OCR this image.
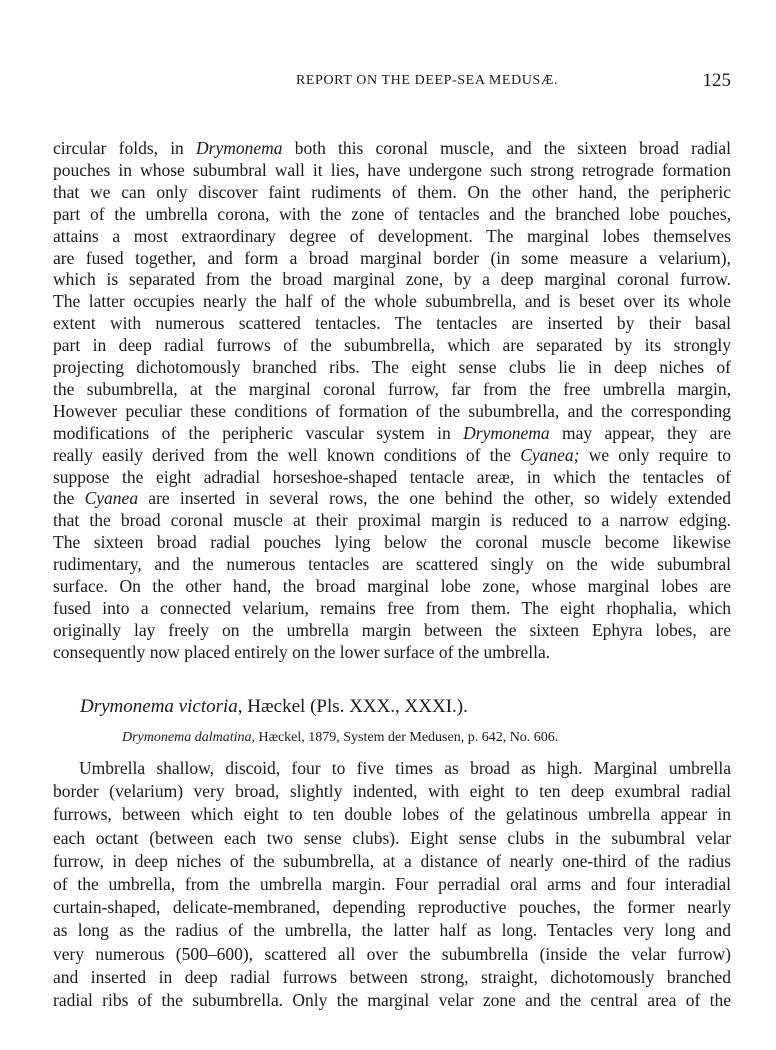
REPORT ON THE DEEP-SEA MEDUSÆ.	125
circular folds, in Drymonema both this coronal muscle, and the sixteen broad radial
pouches in whose subumbral wall it lies, have undergone such strong retrograde formation
that we can only discover faint rudiments of them. On the other hand, the peripheric
part of the umbrella corona, with the zone of tentacles and the branched lobe pouches,
attains a most extraordinary degree of development. The marginal lobes themselves
are fused together, and form a broad marginal border (in some measure a velarium),
which is separated from the broad marginal zone, by a deep marginal coronal furrow.
The latter occupies nearly the half of the whole subumbrella, and is beset over its whole
extent with numerous scattered tentacles. The tentacles are inserted by their basal
part in deep radial furrows of the subumbrella, which are separated by its strongly
projecting dichotomously branched ribs. The eight sense clubs lie in deep niches of
the subumbrella, at the marginal coronal furrow, far from the free umbrella margin,
However peculiar these conditions of formation of the subumbrella, and the corresponding
modifications of the peripheric vascular system in Drymonema may appear, they are
really easily derived from the well known conditions of the Cyanea; we only require to
suppose the eight adradial horseshoe-shaped tentacle areæ, in which the tentacles of
the Cyanea are inserted in several rows, the one behind the other, so widely extended
that the broad coronal muscle at their proximal margin is reduced to a narrow edging.
The sixteen broad radial pouches lying below the coronal muscle become likewise
rudimentary, and the numerous tentacles are scattered singly on the wide subumbral
surface. On the other hand, the broad marginal lobe zone, whose marginal lobes are
fused into a connected velarium, remains free from them. The eight rhophalia, which
originally lay freely on the umbrella margin between the sixteen Ephyra lobes, are
consequently now placed entirely on the lower surface of the umbrella.
Drymonema victoria, Hæckel (Pls. XXX., XXXI.).
Drymonema dalmatina, Hæckel, 1879, System der Medusen, p. 642, No. 606.
Umbrella shallow, discoid, four to five times as broad as high. Marginal umbrella
border (velarium) very broad, slightly indented, with eight to ten deep exumbral radial
furrows, between which eight to ten double lobes of the gelatinous umbrella appear in
each octant (between each two sense clubs). Eight sense clubs in the subumbral velar
furrow, in deep niches of the subumbrella, at a distance of nearly one-third of the radius
of the umbrella, from the umbrella margin. Four perradial oral arms and four interadial
curtain-shaped, delicate-membraned, depending reproductive pouches, the former nearly
as long as the radius of the umbrella, the latter half as long. Tentacles very long and
very numerous (500–600), scattered all over the subumbrella (inside the velar furrow)
and inserted in deep radial furrows between strong, straight, dichotomously branched
radial ribs of the subumbrella. Only the marginal velar zone and the central area of the
